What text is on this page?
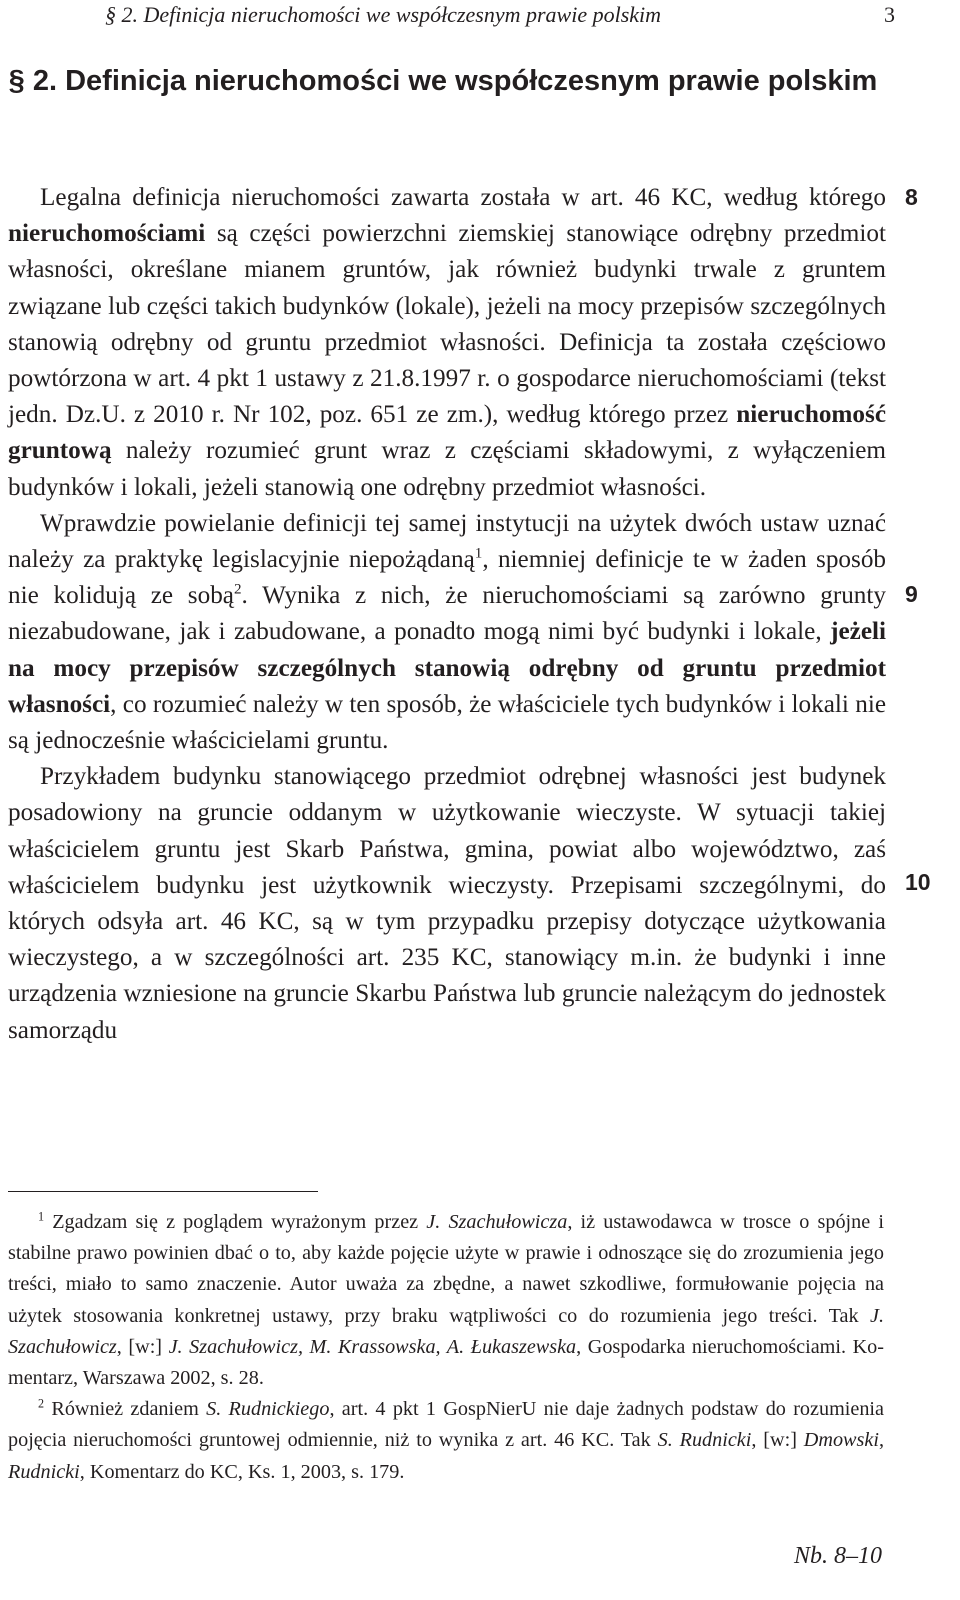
§ 2. Definicja nieruchomości we współczesnym prawie polskim	3
§ 2. Definicja nieruchomości we współczesnym prawie polskim
8
9
10

Legalna definicja nieruchomości zawarta została w art. 46 KC, według którego nieruchomościami są części powierzchni ziemskiej stanowiące odrębny przedmiot własności, określane mianem gruntów, jak również budynki trwale z gruntem związane lub części takich budynków (lokale), jeżeli na mocy przepisów szczególnych stanowią odrębny od gruntu przedmiot własności. Definicja ta została częściowo powtórzona w art. 4 pkt 1 ustawy z 21.8.1997 r. o gospodarce nieruchomościami (tekst jedn. Dz.U. z 2010 r. Nr 102, poz. 651 ze zm.), według którego przez nieruchomość gruntową należy rozumieć grunt wraz z częściami składowymi, z wyłączeniem budynków i lokali, jeżeli stanowią one odrębny przedmiot własności.

Wprawdzie powielanie definicji tej samej instytucji na użytek dwóch ustaw uznać należy za praktykę legislacyjnie niepożądaną$^1$, niemniej definicje te w żaden sposób nie kolidują ze sobą$^2$. Wynika z nich, że nieruchomościami są zarówno grunty niezabudowane, jak i zabudowane, a ponadto mogą nimi być budynki i lokale, jeżeli na mocy przepisów szczególnych stanowią odrębny od gruntu przedmiot własności, co rozumieć należy w ten sposób, że właściciele tych budynków i lokali nie są jednocześnie właścicielami gruntu.

Przykładem budynku stanowiącego przedmiot odrębnej własności jest budynek posadowiony na gruncie oddanym w użytkowanie wieczyste. W sytuacji takiej właścicielem gruntu jest Skarb Państwa, gmina, powiat albo województwo, zaś właścicielem budynku jest użytkownik wieczysty. Przepisami szczególnymi, do których odsyła art. 46 KC, są w tym przypadku przepisy dotyczące użytkowania wieczystego, a w szczególności art. 235 KC, stanowiący m.in. że budynki i inne urządzenia wzniesione na gruncie Skarbu Państwa lub gruncie należącym do jednostek samorządu

$^1$ Zgadzam się z poglądem wyrażonym przez J. Szachułowicza, iż ustawodawca w trosce o spójne i stabilne prawo powinien dbać o to, aby każde pojęcie użyte w prawie i odnoszące się do zrozumienia jego treści, miało to samo znaczenie. Autor uważa za zbędne, a nawet szkodliwe, formułowanie pojęcia na użytek stosowania konkretnej ustawy, przy braku wątpliwości co do rozumienia jego treści. Tak J. Szachułowicz, [w:] J. Szachułowicz, M. Krassowska, A. Łukaszewska, Gospodarka nieruchomościami. Komentarz, Warszawa 2002, s. 28.

$^2$ Również zdaniem S. Rudnickiego, art. 4 pkt 1 GospNierU nie daje żadnych podstaw do rozumienia pojęcia nieruchomości gruntowej odmiennie, niż to wynika z art. 46 KC. Tak S. Rudnicki, [w:] Dmowski, Rudnicki, Komentarz do KC, Ks. 1, 2003, s. 179.

Nb. 8–10
